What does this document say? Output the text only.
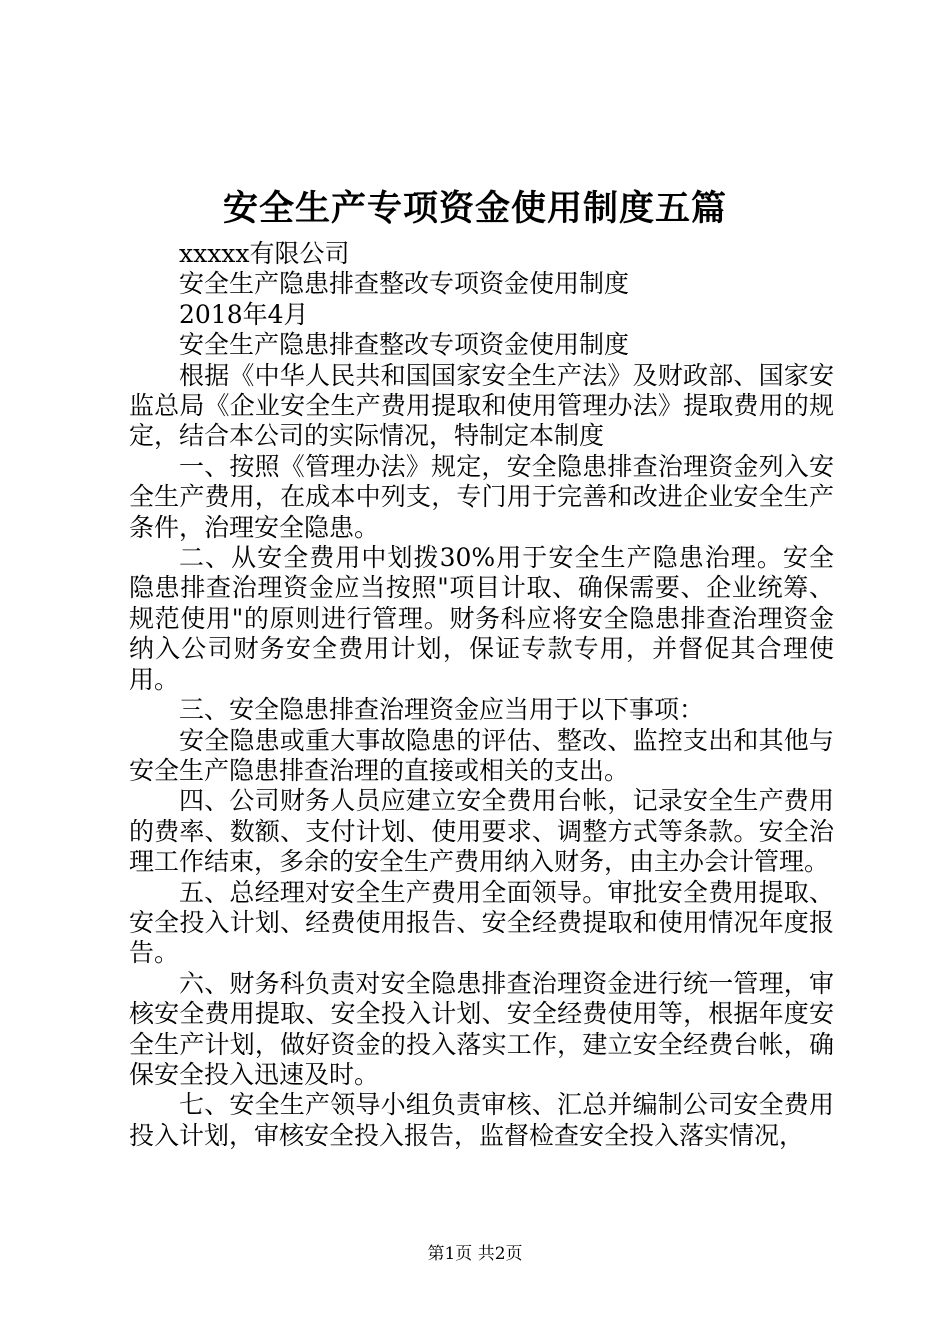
安全生产专项资金使用制度五篇

xxxxx有限公司

安全生产隐患排查整改专项资金使用制度

2018年4月

安全生产隐患排查整改专项资金使用制度

根据《中华人民共和国国家安全生产法》及财政部、国家安监总局《企业安全生产费用提取和使用管理办法》提取费用的规定，结合本公司的实际情况，特制定本制度

一、按照《管理办法》规定，安全隐患排查治理资金列入安全生产费用，在成本中列支，专门用于完善和改进企业安全生产条件，治理安全隐患。

二、从安全费用中划拨30%用于安全生产隐患治理。安全隐患排查治理资金应当按照"项目计取、确保需要、企业统筹、规范使用"的原则进行管理。财务科应将安全隐患排查治理资金纳入公司财务安全费用计划，保证专款专用，并督促其合理使用。

三、安全隐患排查治理资金应当用于以下事项：

安全隐患或重大事故隐患的评估、整改、监控支出和其他与安全生产隐患排查治理的直接或相关的支出。

四、公司财务人员应建立安全费用台帐，记录安全生产费用的费率、数额、支付计划、使用要求、调整方式等条款。安全治理工作结束，多余的安全生产费用纳入财务，由主办会计管理。

五、总经理对安全生产费用全面领导。审批安全费用提取、安全投入计划、经费使用报告、安全经费提取和使用情况年度报告。

六、财务科负责对安全隐患排查治理资金进行统一管理，审核安全费用提取、安全投入计划、安全经费使用等，根据年度安全生产计划，做好资金的投入落实工作，建立安全经费台帐，确保安全投入迅速及时。

七、安全生产领导小组负责审核、汇总并编制公司安全费用投入计划，审核安全投入报告，监督检查安全投入落实情况，

第1页 共2页
